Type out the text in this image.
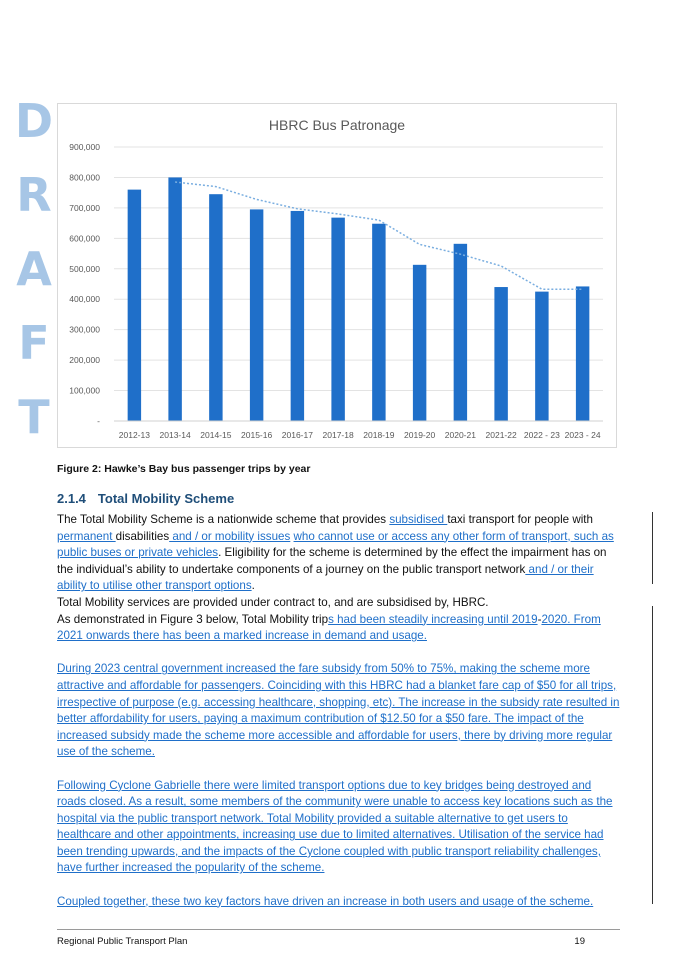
D
R
A
F
T
HBRC Bus Patronage
-
100,000
200,000
300,000
400,000
500,000
600,000
700,000
800,000
900,000
2012-13 2013-14 2014-15 2015-16 2016-17 2017-18 2018-19 2019-20 2020-21 2021-22 2022 - 23 2023 - 24
Figure 2: Hawke’s Bay bus passenger trips by year
2.1.4 Total Mobility Scheme

The Total Mobility Scheme is a nationwide scheme that provides subsidised taxi transport for people with permanent disabilities and / or mobility issues who cannot use or access any other form of transport, such as public buses or private vehicles. Eligibility for the scheme is determined by the effect the impairment has on the individual’s ability to undertake components of a journey on the public transport network and / or their ability to utilise other transport options.

Total Mobility services are provided under contract to, and are subsidised by, HBRC.

As demonstrated in Figure 3 below, Total Mobility trips had been steadily increasing until 2019-2020. From 2021 onwards there has been a marked increase in demand and usage.

During 2023 central government increased the fare subsidy from 50% to 75%, making the scheme more attractive and affordable for passengers. Coinciding with this HBRC had a blanket fare cap of $50 for all trips, irrespective of purpose (e.g. accessing healthcare, shopping, etc). The increase in the subsidy rate resulted in better affordability for users, paying a maximum contribution of $12.50 for a $50 fare. The impact of the increased subsidy made the scheme more accessible and affordable for users, there by driving more regular use of the scheme.

Following Cyclone Gabrielle there were limited transport options due to key bridges being destroyed and roads closed. As a result, some members of the community were unable to access key locations such as the hospital via the public transport network. Total Mobility provided a suitable alternative to get users to healthcare and other appointments, increasing use due to limited alternatives. Utilisation of the service had been trending upwards, and the impacts of the Cyclone coupled with public transport reliability challenges, have further increased the popularity of the scheme.

Coupled together, these two key factors have driven an increase in both users and usage of the scheme.

Regional Public Transport Plan	19
